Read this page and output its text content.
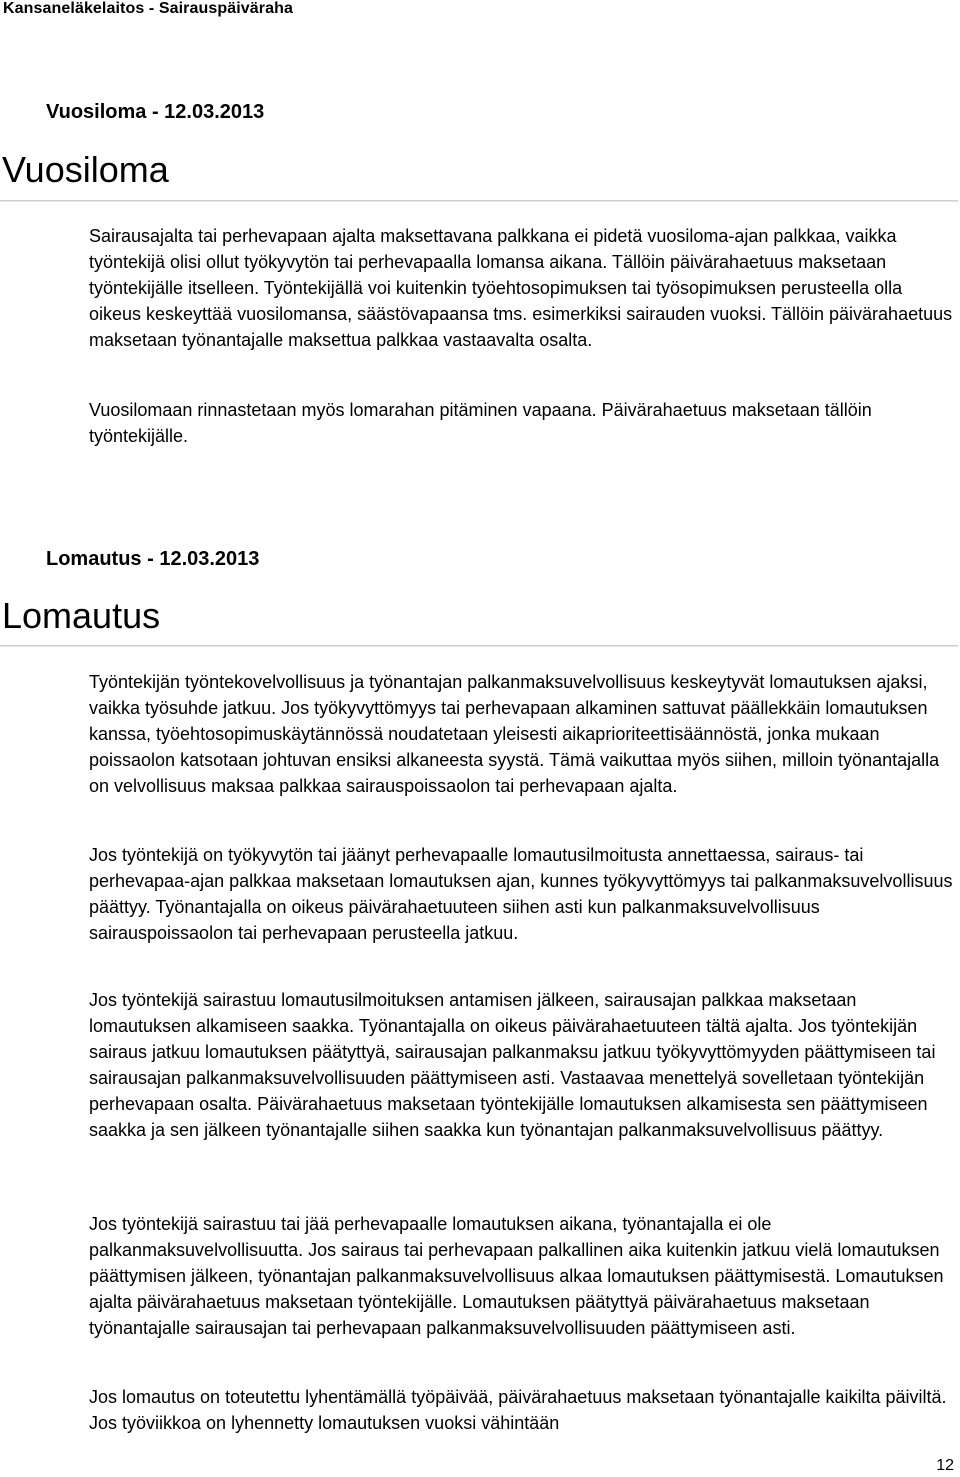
Kansaneläkelaitos - Sairauspäiväraha
Vuosiloma - 12.03.2013
Vuosiloma

Sairausajalta tai perhevapaan ajalta maksettavana palkkana ei pidetä vuosiloma-ajan palkkaa, vaikka työntekijä olisi ollut työkyvytön tai perhevapaalla lomansa aikana. Tällöin päivärahaetuus maksetaan työntekijälle itselleen. Työntekijällä voi kuitenkin työehtosopimuksen tai työsopimuksen perusteella olla oikeus keskeyttää vuosilomansa, säästövapaansa tms. esimerkiksi sairauden vuoksi. Tällöin päivärahaetuus maksetaan työnantajalle maksettua palkkaa vastaavalta osalta.

Vuosilomaan rinnastetaan myös lomarahan pitäminen vapaana. Päivärahaetuus maksetaan tällöin työntekijälle.

Lomautus - 12.03.2013
Lomautus

Työntekijän työntekovelvollisuus ja työnantajan palkanmaksuvelvollisuus keskeytyvät lomautuksen ajaksi, vaikka työsuhde jatkuu. Jos työkyvyttömyys tai perhevapaan alkaminen sattuvat päällekkäin lomautuksen kanssa, työehtosopimuskäytännössä noudatetaan yleisesti aikaprioriteettisäännöstä, jonka mukaan poissaolon katsotaan johtuvan ensiksi alkaneesta syystä. Tämä vaikuttaa myös siihen, milloin työnantajalla on velvollisuus maksaa palkkaa sairauspoissaolon tai perhevapaan ajalta.

Jos työntekijä on työkyvytön tai jäänyt perhevapaalle lomautusilmoitusta annettaessa, sairaus- tai perhevapaa-ajan palkkaa maksetaan lomautuksen ajan, kunnes työkyvyttömyys tai palkanmaksuvelvollisuus päättyy. Työnantajalla on oikeus päivärahaetuuteen siihen asti kun palkanmaksuvelvollisuus sairauspoissaolon tai perhevapaan perusteella jatkuu.

Jos työntekijä sairastuu lomautusilmoituksen antamisen jälkeen, sairausajan palkkaa maksetaan lomautuksen alkamiseen saakka. Työnantajalla on oikeus päivärahaetuuteen tältä ajalta. Jos työntekijän sairaus jatkuu lomautuksen päätyttyä, sairausajan palkanmaksu jatkuu työkyvyttömyyden päättymiseen tai sairausajan palkanmaksuvelvollisuuden päättymiseen asti. Vastaavaa menettelyä sovelletaan työntekijän perhevapaan osalta. Päivärahaetuus maksetaan työntekijälle lomautuksen alkamisesta sen päättymiseen saakka ja sen jälkeen työnantajalle siihen saakka kun työnantajan palkanmaksuvelvollisuus päättyy.

Jos työntekijä sairastuu tai jää perhevapaalle lomautuksen aikana, työnantajalla ei ole palkanmaksuvelvollisuutta. Jos sairaus tai perhevapaan palkallinen aika kuitenkin jatkuu vielä lomautuksen päättymisen jälkeen, työnantajan palkanmaksuvelvollisuus alkaa lomautuksen päättymisestä. Lomautuksen ajalta päivärahaetuus maksetaan työntekijälle. Lomautuksen päätyttyä päivärahaetuus maksetaan työnantajalle sairausajan tai perhevapaan palkanmaksuvelvollisuuden päättymiseen asti.

Jos lomautus on toteutettu lyhentämällä työpäivää, päivärahaetuus maksetaan työnantajalle kaikilta päiviltä. Jos työviikkoa on lyhennetty lomautuksen vuoksi vähintään

12
